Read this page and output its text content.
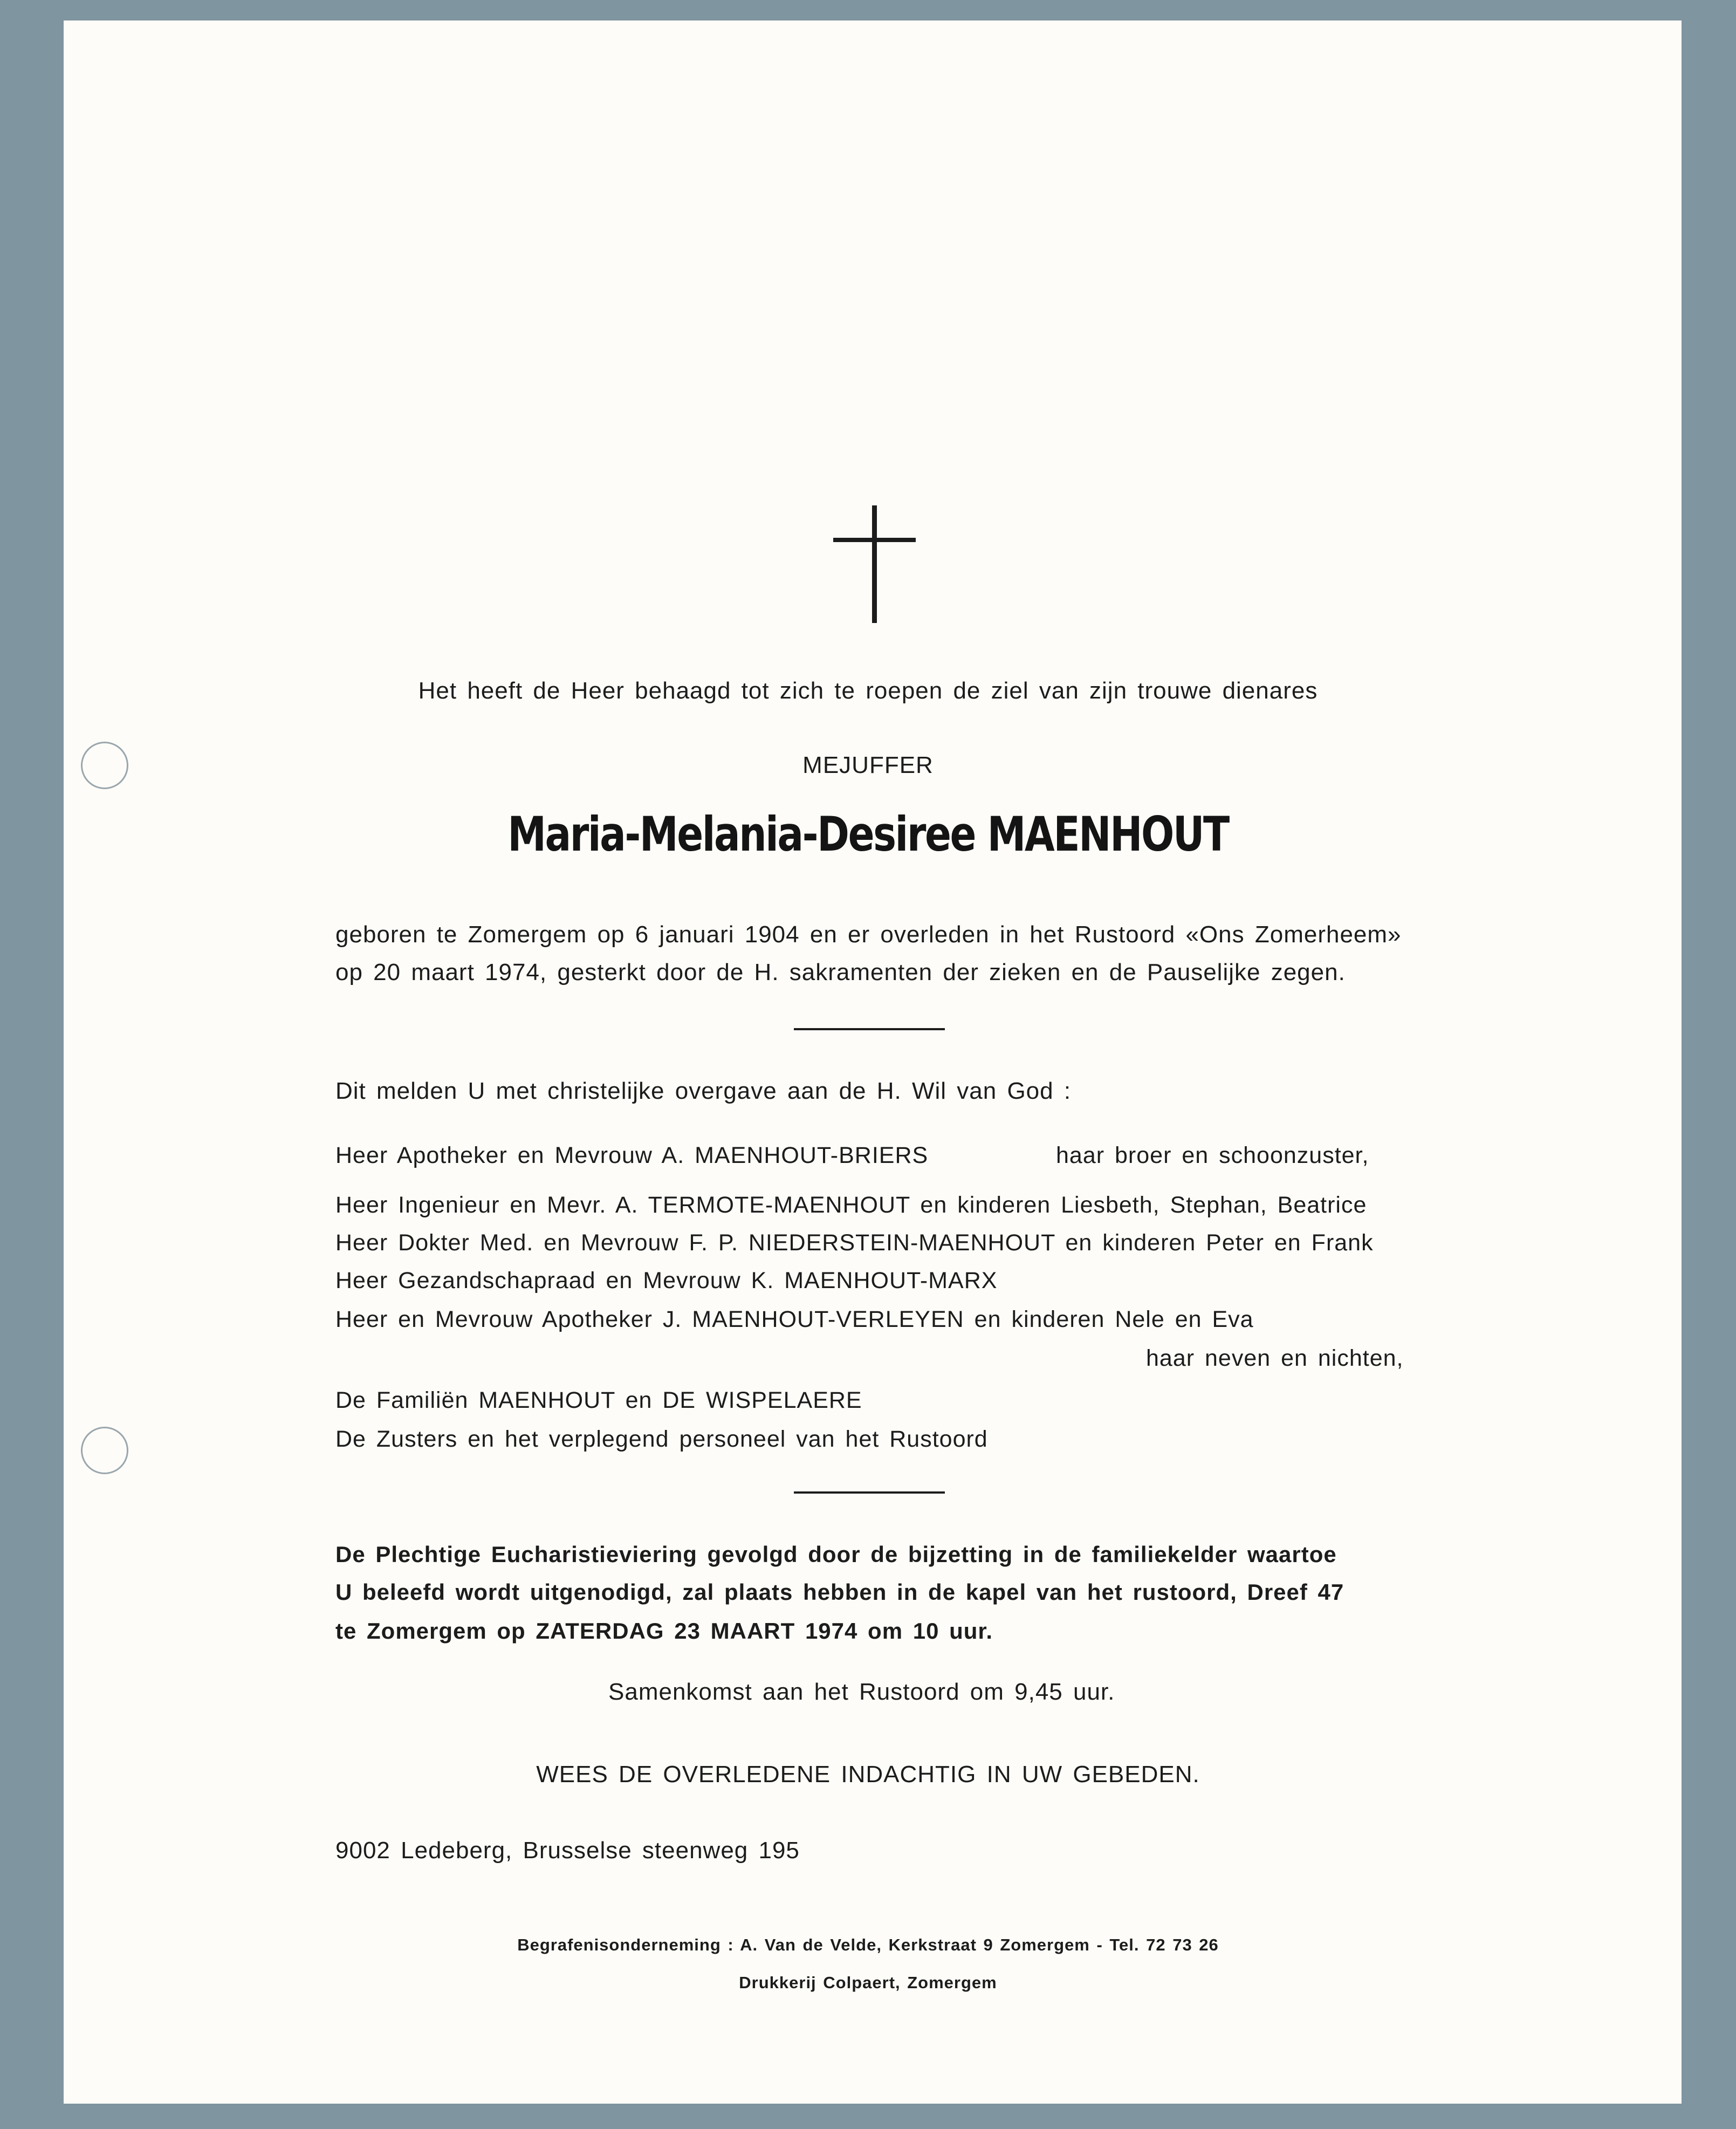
Het heeft de Heer behaagd tot zich te roepen de ziel van zijn trouwe dienares
MEJUFFER
Maria-Melania-Desiree MAENHOUT
geboren te Zomergem op 6 januari 1904 en er overleden in het Rustoord «Ons Zomerheem»
op 20 maart 1974, gesterkt door de H. sakramenten der zieken en de Pauselijke zegen.
Dit melden U met christelijke overgave aan de H. Wil van God :
Heer Apotheker en Mevrouw A. MAENHOUT-BRIERS	haar broer en schoonzuster,
Heer Ingenieur en Mevr. A. TERMOTE-MAENHOUT en kinderen Liesbeth, Stephan, Beatrice
Heer Dokter Med. en Mevrouw F. P. NIEDERSTEIN-MAENHOUT en kinderen Peter en Frank
Heer Gezandschapraad en Mevrouw K. MAENHOUT-MARX
Heer en Mevrouw Apotheker J. MAENHOUT-VERLEYEN en kinderen Nele en Eva
haar neven en nichten,
De Familiën MAENHOUT en DE WISPELAERE
De Zusters en het verplegend personeel van het Rustoord
De Plechtige Eucharistieviering gevolgd door de bijzetting in de familiekelder waartoe
U beleefd wordt uitgenodigd, zal plaats hebben in de kapel van het rustoord, Dreef 47
te Zomergem op ZATERDAG 23 MAART 1974 om 10 uur.
Samenkomst aan het Rustoord om 9,45 uur.
WEES DE OVERLEDENE INDACHTIG IN UW GEBEDEN.
9002 Ledeberg, Brusselse steenweg 195
Begrafenisonderneming : A. Van de Velde, Kerkstraat 9 Zomergem - Tel. 72 73 26
Drukkerij Colpaert, Zomergem
